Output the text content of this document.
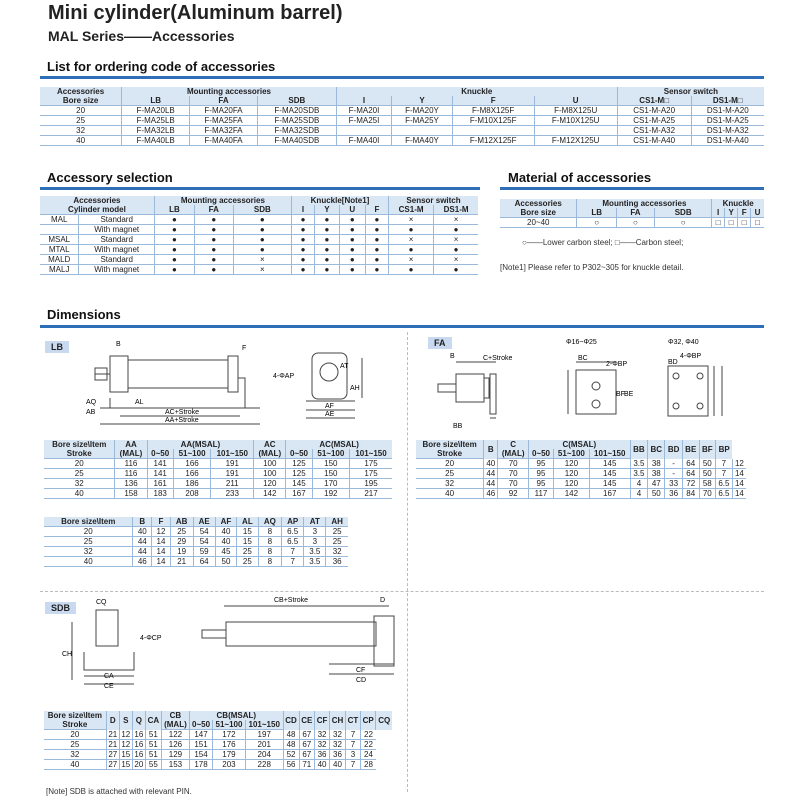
Mini cylinder(Aluminum barrel)
MAL Series——Accessories
List for ordering code of accessories
Accessories	Mounting accessories			Knuckle				Sensor switch	
Bore size	LB	FA	SDB	I	Y	F	U	CS1-M□	DS1-M□
20	F-MA20LB	F-MA20FA	F-MA20SDB	F-MA20I	F-MA20Y	F-M8X125F	F-M8X125U	CS1-M-A20	DS1-M-A20
25	F-MA25LB	F-MA25FA	F-MA25SDB	F-MA25I	F-MA25Y	F-M10X125F	F-M10X125U	CS1-M-A25	DS1-M-A25
32	F-MA32LB	F-MA32FA	F-MA32SDB					CS1-M-A32	DS1-M-A32
40	F-MA40LB	F-MA40FA	F-MA40SDB	F-MA40I	F-MA40Y	F-M12X125F	F-M12X125U	CS1-M-A40	DS1-M-A40
Accessory selection
Accessories		Mounting accessories			Knuckle[Note1]				Sensor switch	
Cylinder model		LB	FA	SDB	I	Y	U	F	CS1-M	DS1-M
MAL	Standard	●	●	●	●	●	●	●	×	×
	With magnet	●	●	●	●	●	●	●	●	●
MSAL	Standard	●	●	●	●	●	●	●	×	×
MTAL	With magnet	●	●	●	●	●	●	●	●	●
MALD	Standard	●	●	×	●	●	●	●	×	×
MALJ	With magnet	●	●	×	●	●	●	●	●	●
Material of accessories
Accessories	Mounting accessories			Knuckle			
Bore size	LB	FA	SDB	I	Y	F	U
20~40	○	○	○	□	□	□	□
○——Lower carbon steel; □——Carbon steel;
[Note1] Please refer to P302~305 for knuckle detail.
Dimensions
LB	FA
SDB
B
F
4-ΦAP
AH
AT
AQ
AB
AL
AC+Stroke
AA+Stroke
AF
AE
B	C+Stroke
BB
Φ16~Φ25	Φ32, Φ40
BC
2-ΦBP
4-ΦBP
BD
BF BE
Bore size\Item	AA	AA(MSAL)			AC	AC(MSAL)		
Stroke	(MAL)	0~50	51~100	101~150	(MAL)	0~50	51~100	101~150
20	116	141	166	191	100	125	150	175
25	116	141	166	191	100	125	150	175
32	136	161	186	211	120	145	170	195
40	158	183	208	233	142	167	192	217
Bore size\Item	B	F	AB	AE	AF	AL	AQ	AP	AT	AH
20	40	12	25	54	40	15	8	6.5	3	25
25	44	14	29	54	40	15	8	6.5	3	25
32	44	14	19	59	45	25	8	7	3.5	32
40	46	14	21	64	50	25	8	7	3.5	36
Bore size\Item	B	C	C(MSAL)			BB	BC	BD	BE	BF	BP	
Stroke		(MAL)	0~50	51~100	101~150							
20	40	70	95	120	145	3.5	38	-	64	50	7	12
25	44	70	95	120	145	3.5	38	-	64	50	7	14
32	44	70	95	120	145	4	47	33	72	58	6.5	14
40	46	92	117	142	167	4	50	36	84	70	6.5	14
CQ
4-ΦCP
CH
CA
CE
CB+Stroke	D
CF
CD
Bore size\Item	D	S	Q	CA	CB	CB(MSAL)			CD	CE	CF	CH	CT	CP	CQ
Stroke					(MAL)	0~50	51~100	101~150							
20	21	12	16	51	122	147	172	197	48	67	32	32	7	22	
25	21	12	16	51	126	151	176	201	48	67	32	32	7	22	
32	27	15	16	51	129	154	179	204	52	67	36	36	3	24	
40	27	15	20	55	153	178	203	228	56	71	40	40	7	28	
[Note] SDB is attached with relevant PIN.
